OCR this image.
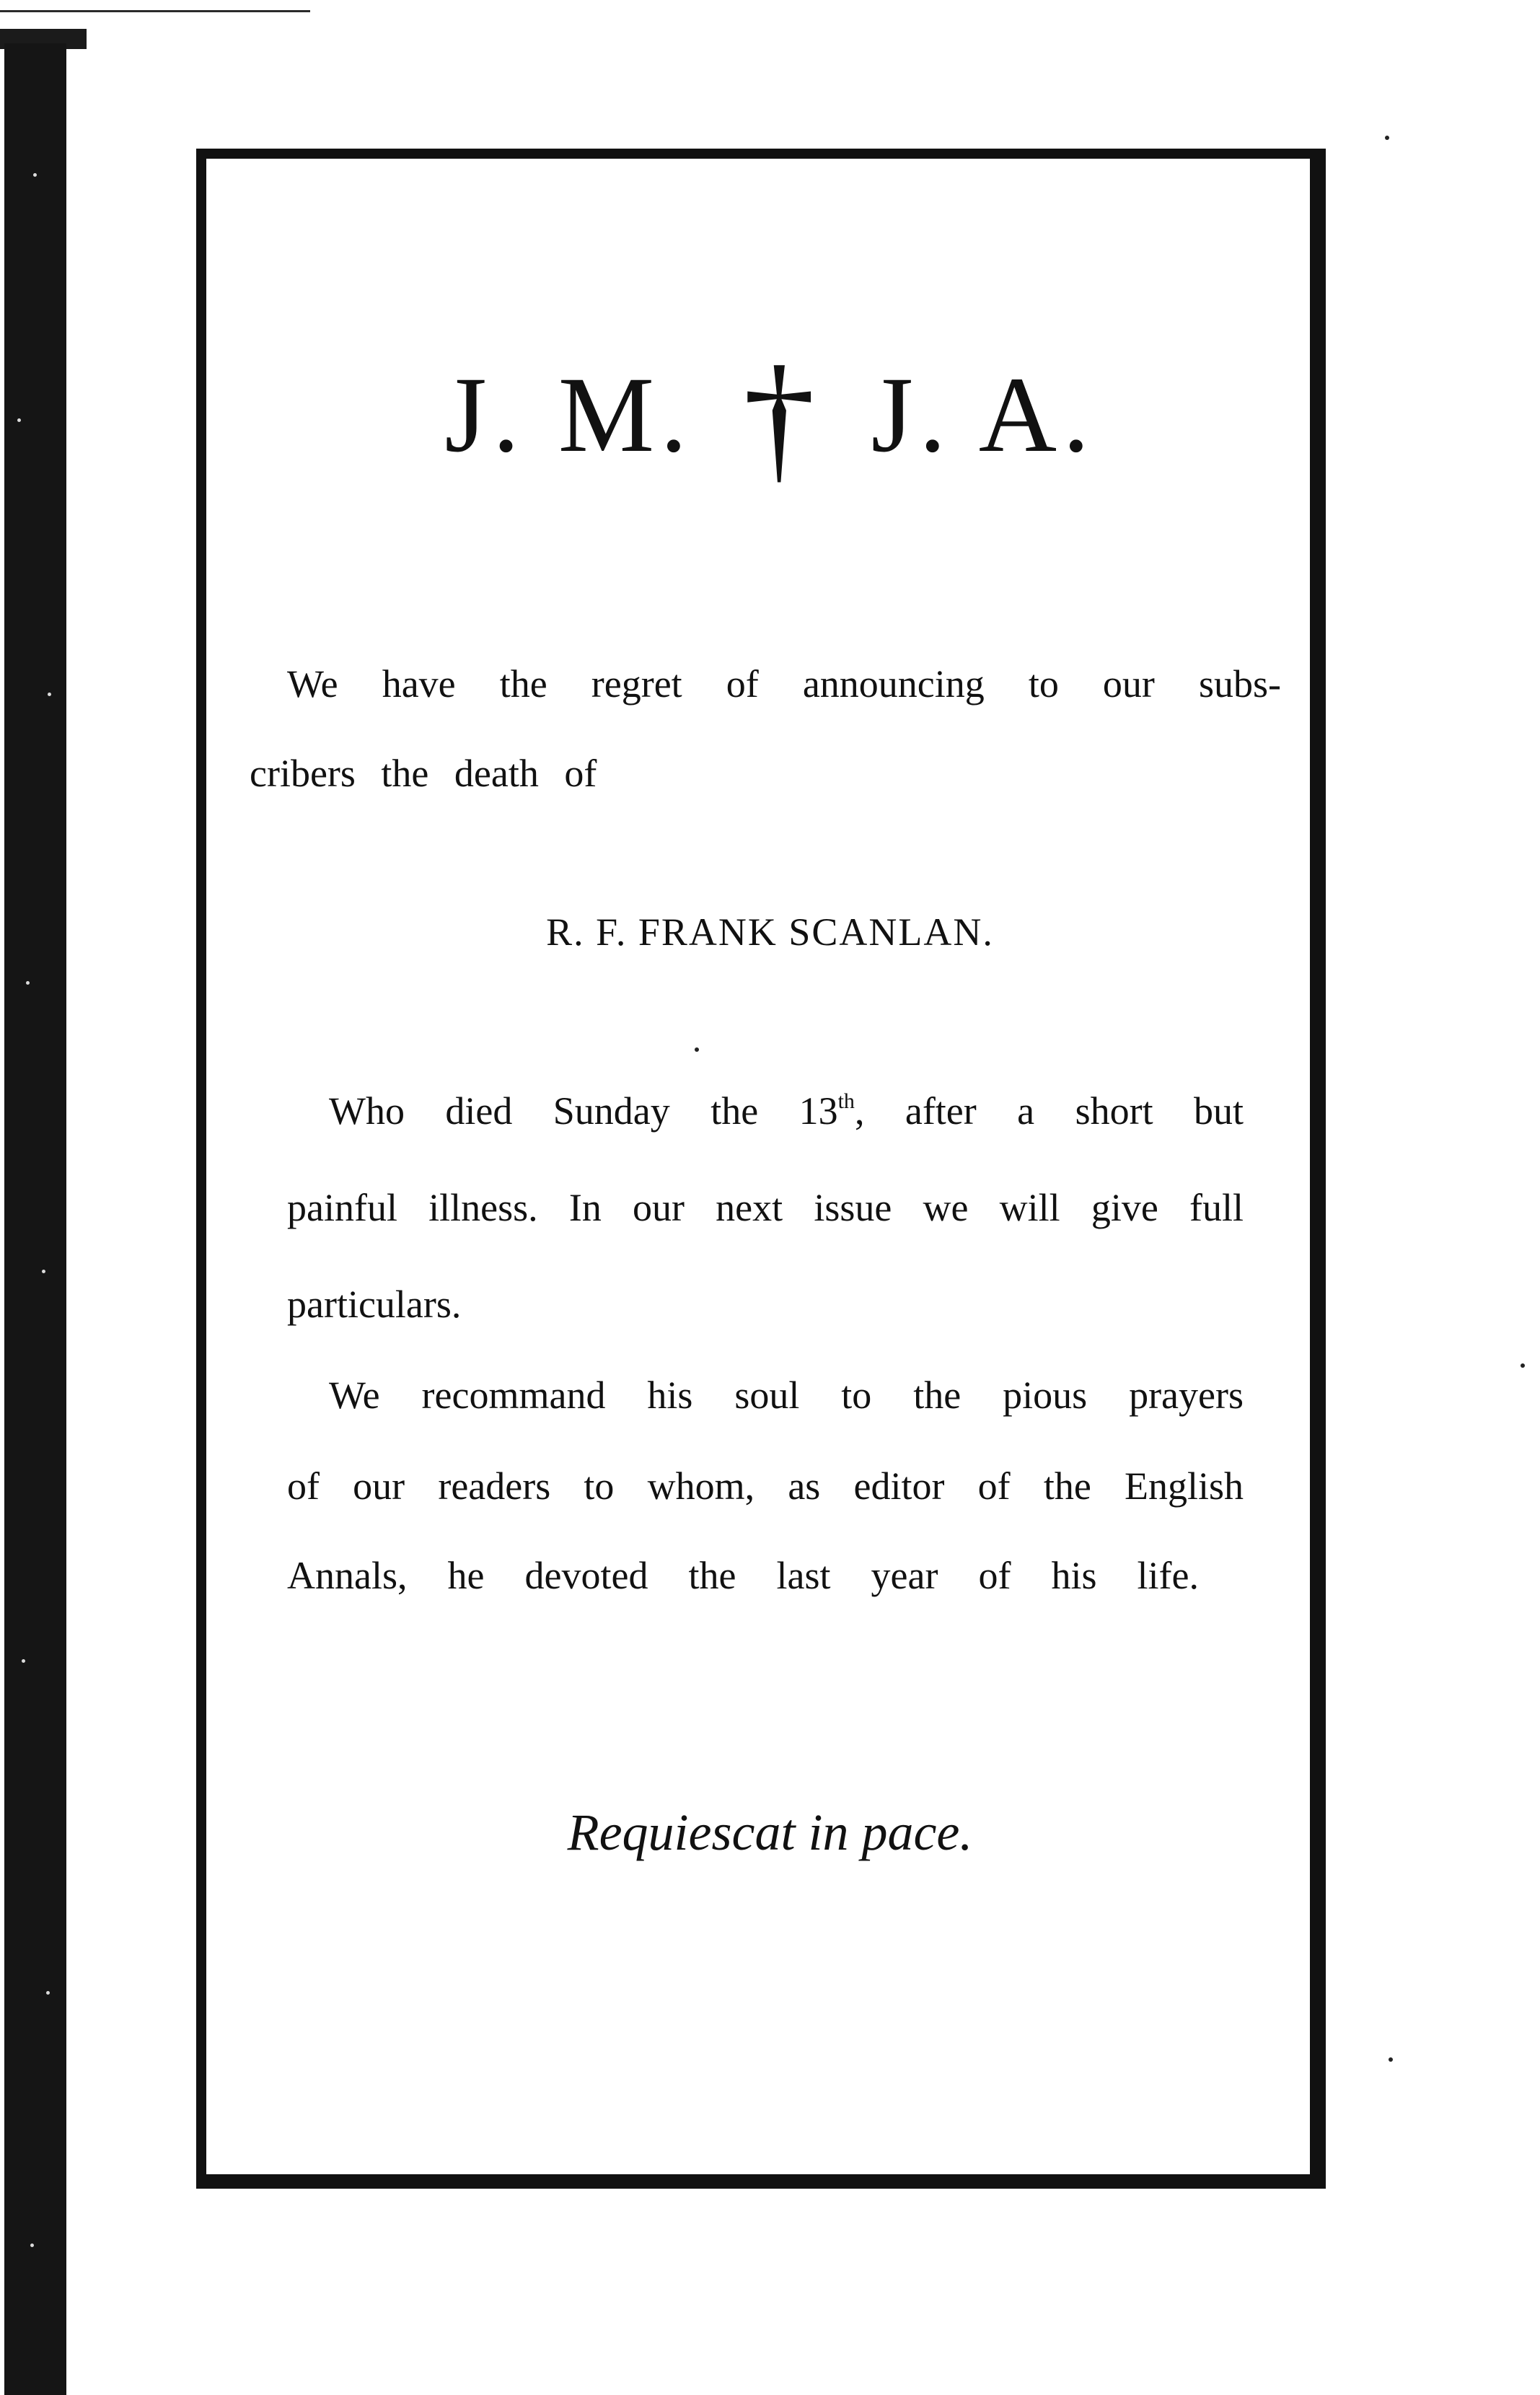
J. M. † J. A.
We have the regret of announcing to our subs-
cribers the death of
R. F. FRANK SCANLAN.
Who died Sunday the 13th, after a short but
painful illness. In our next issue we will give full
particulars.
We recommand his soul to the pious prayers
of our readers to whom, as editor of the English
Annals, he devoted the last year of his life.
Requiescat in pace.
